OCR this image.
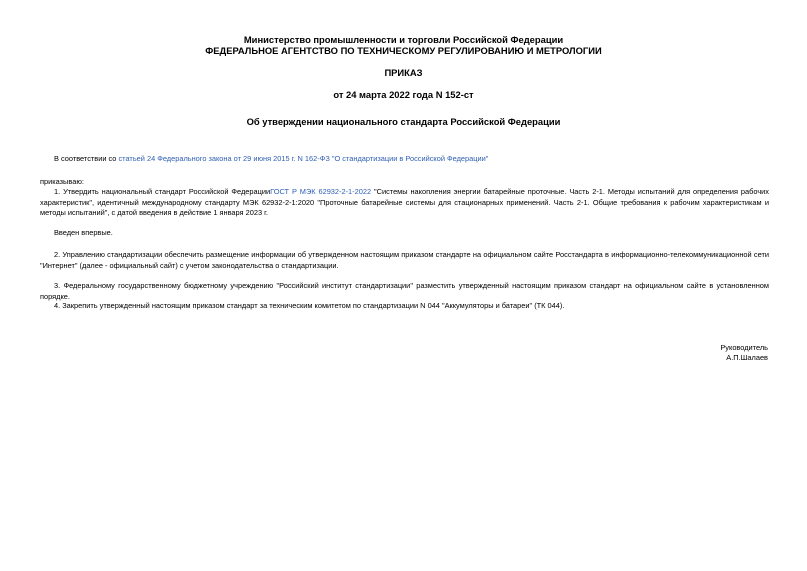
Министерство промышленности и торговли Российской Федерации
ФЕДЕРАЛЬНОЕ АГЕНТСТВО ПО ТЕХНИЧЕСКОМУ РЕГУЛИРОВАНИЮ И МЕТРОЛОГИИ
ПРИКАЗ
от 24 марта 2022 года N 152-ст
Об утверждении национального стандарта Российской Федерации
В соответствии со статьей 24 Федерального закона от 29 июня 2015 г. N 162-ФЗ "О стандартизации в Российской Федерации"
приказываю:
1. Утвердить национальный стандарт Российской ФедерацииГОСТ Р МЭК 62932-2-1-2022 "Системы накопления энергии батарейные проточные. Часть 2-1. Методы испытаний для определения рабочих характеристик", идентичный международному стандарту МЭК 62932-2-1:2020 "Проточные батарейные системы для стационарных применений. Часть 2-1. Общие требования к рабочим характеристикам и методы испытаний", с датой введения в действие 1 января 2023 г.
Введен впервые.
2. Управлению стандартизации обеспечить размещение информации об утвержденном настоящим приказом стандарте на официальном сайте Росстандарта в информационно-телекоммуникационной сети "Интернет" (далее - официальный сайт) с учетом законодательства о стандартизации.
3. Федеральному государственному бюджетному учреждению "Российский институт стандартизации" разместить утвержденный настоящим приказом стандарт на официальном сайте в установленном порядке.
4. Закрепить утвержденный настоящим приказом стандарт за техническим комитетом по стандартизации N 044 "Аккумуляторы и батареи" (ТК 044).
Руководитель
А.П.Шалаев
